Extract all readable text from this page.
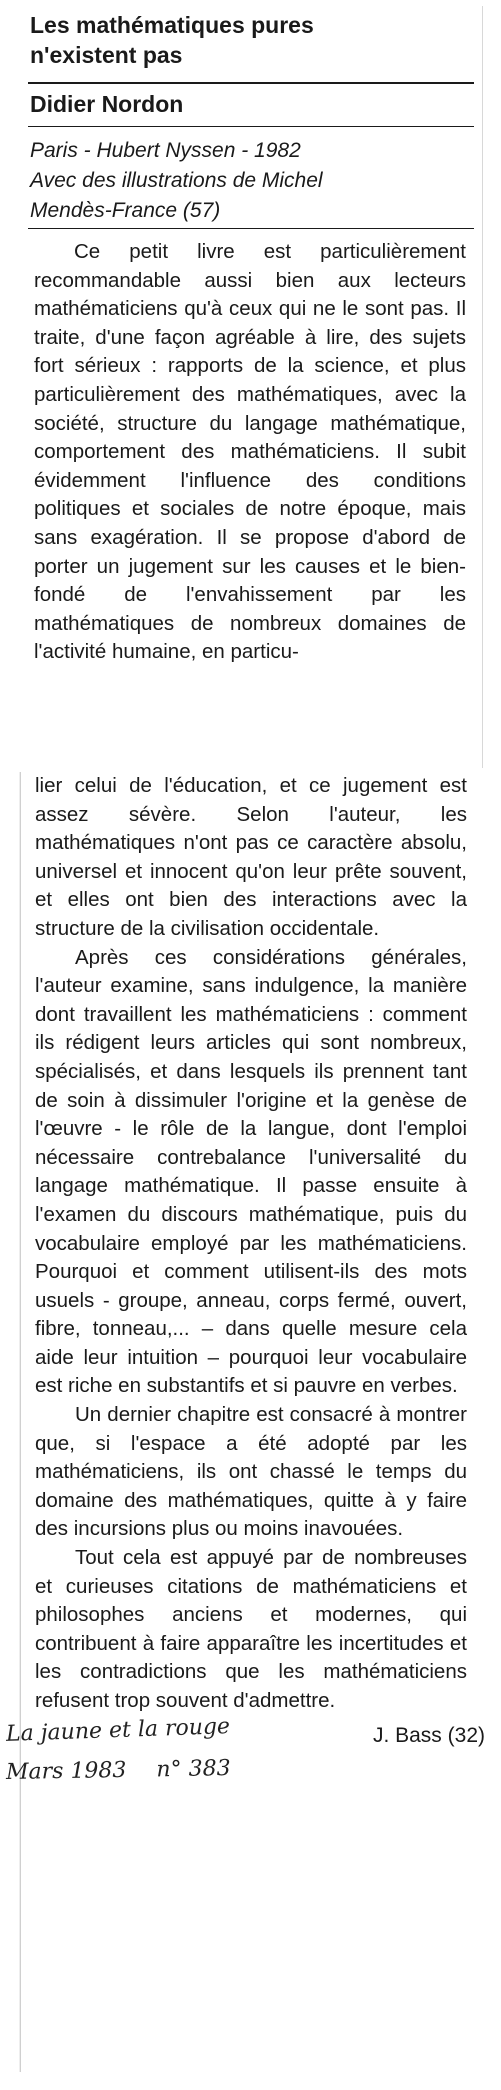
Les mathématiques pures
n'existent pas
Didier Nordon
Paris - Hubert Nyssen - 1982
Avec des illustrations de Michel
Mendès-France (57)

Ce petit livre est particulièrement recommandable aussi bien aux lecteurs mathématiciens qu'à ceux qui ne le sont pas. Il traite, d'une façon agréable à lire, des sujets fort sérieux : rapports de la science, et plus particulièrement des mathématiques, avec la société, structure du langage mathématique, comportement des mathématiciens. Il subit évidemment l'influence des conditions politiques et sociales de notre époque, mais sans exagération. Il se propose d'abord de porter un jugement sur les causes et le bien-fondé de l'envahissement par les mathématiques de nombreux domaines de l'activité humaine, en particu-

lier celui de l'éducation, et ce jugement est assez sévère. Selon l'auteur, les mathématiques n'ont pas ce caractère absolu, universel et innocent qu'on leur prête souvent, et elles ont bien des interactions avec la structure de la civilisation occidentale.

Après ces considérations générales, l'auteur examine, sans indulgence, la manière dont travaillent les mathématiciens : comment ils rédigent leurs articles qui sont nombreux, spécialisés, et dans lesquels ils prennent tant de soin à dissimuler l'origine et la genèse de l'œuvre - le rôle de la langue, dont l'emploi nécessaire contrebalance l'universalité du langage mathématique. Il passe ensuite à l'examen du discours mathématique, puis du vocabulaire employé par les mathématiciens. Pourquoi et comment utilisent-ils des mots usuels - groupe, anneau, corps fermé, ouvert, fibre, tonneau,... – dans quelle mesure cela aide leur intuition – pourquoi leur vocabulaire est riche en substantifs et si pauvre en verbes.

Un dernier chapitre est consacré à montrer que, si l'espace a été adopté par les mathématiciens, ils ont chassé le temps du domaine des mathématiques, quitte à y faire des incursions plus ou moins inavouées.

Tout cela est appuyé par de nombreuses et curieuses citations de mathématiciens et philosophes anciens et modernes, qui contribuent à faire apparaître les incertitudes et les contradictions que les mathématiciens refusent trop souvent d'admettre.

J. Bass (32)
La jaune et la rouge
Mars 1983 n° 383
